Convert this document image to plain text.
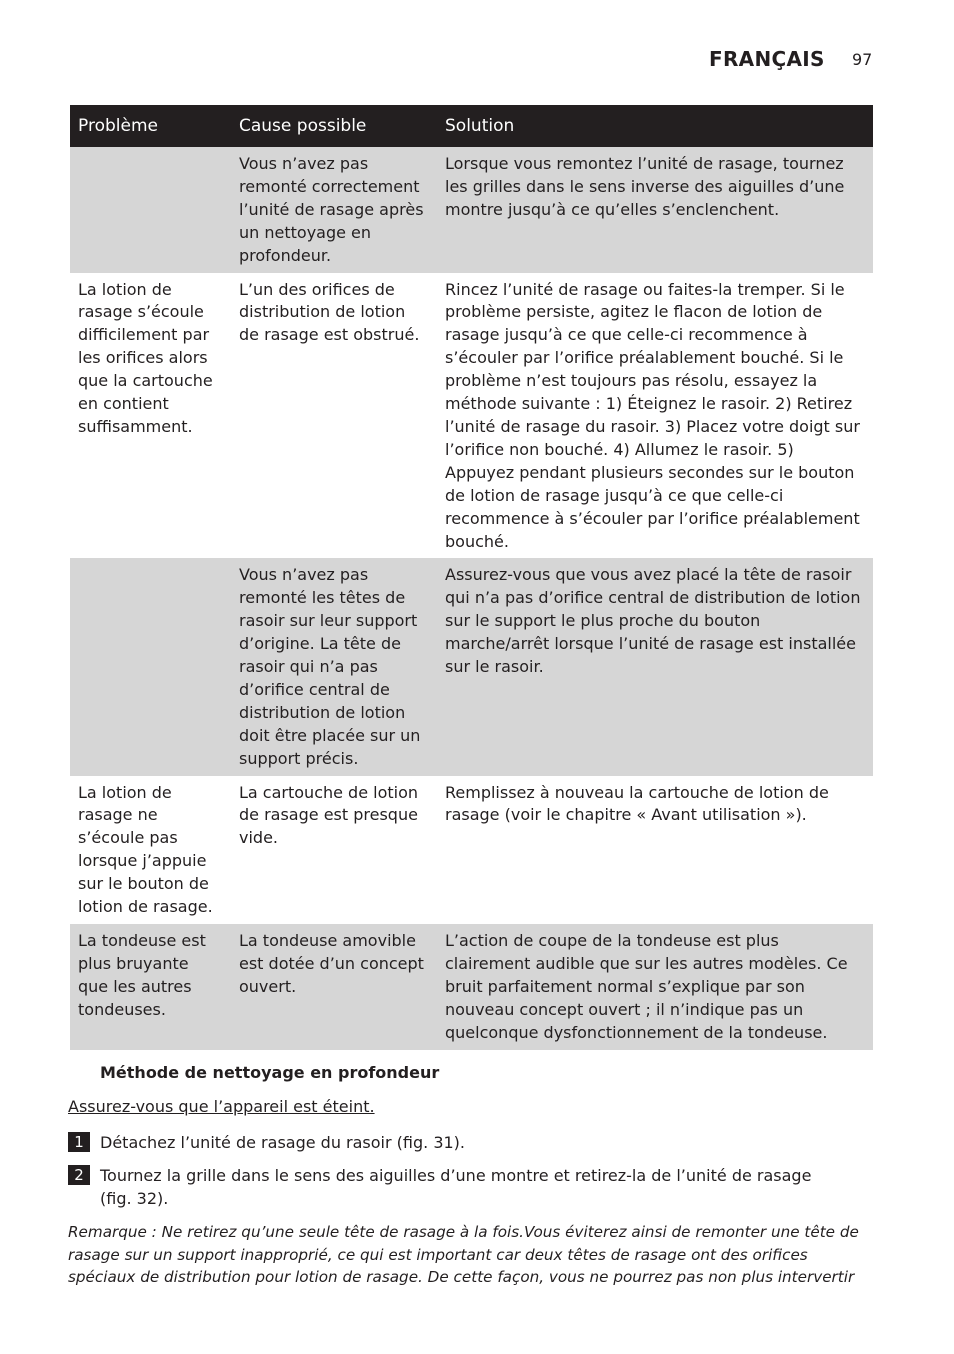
FRANÇAIS 97
Problème	Cause possible	Solution
	Vous n’avez pas remonté correctement l’unité de rasage après un nettoyage en profondeur.	Lorsque vous remontez l’unité de rasage, tournez les grilles dans le sens inverse des aiguilles d’une montre jusqu’à ce qu’elles s’enclenchent.
La lotion de rasage s’écoule difficilement par les orifices alors que la cartouche en contient suffisamment.	L’un des orifices de distribution de lotion de rasage est obstrué.	Rincez l’unité de rasage ou faites-la tremper. Si le problème persiste, agitez le flacon de lotion de rasage jusqu’à ce que celle-ci recommence à s’écouler par l’orifice préalablement bouché. Si le problème n’est toujours pas résolu, essayez la méthode suivante : 1) Éteignez le rasoir. 2) Retirez l’unité de rasage du rasoir. 3) Placez votre doigt sur l’orifice non bouché. 4) Allumez le rasoir. 5) Appuyez pendant plusieurs secondes sur le bouton de lotion de rasage jusqu’à ce que celle-ci recommence à s’écouler par l’orifice préalablement bouché.
	Vous n’avez pas remonté les têtes de rasoir sur leur support d’origine. La tête de rasoir qui n’a pas d’orifice central de distribution de lotion doit être placée sur un support précis.	Assurez-vous que vous avez placé la tête de rasoir qui n’a pas d’orifice central de distribution de lotion sur le support le plus proche du bouton marche/arrêt lorsque l’unité de rasage est installée sur le rasoir.
La lotion de rasage ne s’écoule pas lorsque j’appuie sur le bouton de lotion de rasage.	La cartouche de lotion de rasage est presque vide.	Remplissez à nouveau la cartouche de lotion de rasage (voir le chapitre « Avant utilisation »).
La tondeuse est plus bruyante que les autres tondeuses.	La tondeuse amovible est dotée d’un concept ouvert.	L’action de coupe de la tondeuse est plus clairement audible que sur les autres modèles. Ce bruit parfaitement normal s’explique par son nouveau concept ouvert ; il n’indique pas un quelconque dysfonctionnement de la tondeuse.
Méthode de nettoyage en profondeur
Assurez-vous que l’appareil est éteint.
1	Détachez l’unité de rasage du rasoir (fig. 31).
2	Tournez la grille dans le sens des aiguilles d’une montre et retirez-la de l’unité de rasage (fig. 32).
Remarque : Ne retirez qu’une seule tête de rasage à la fois.Vous éviterez ainsi de remonter une tête de rasage sur un support inapproprié, ce qui est important car deux têtes de rasage ont des orifices spéciaux de distribution pour lotion de rasage. De cette façon, vous ne pourrez pas non plus intervertir
